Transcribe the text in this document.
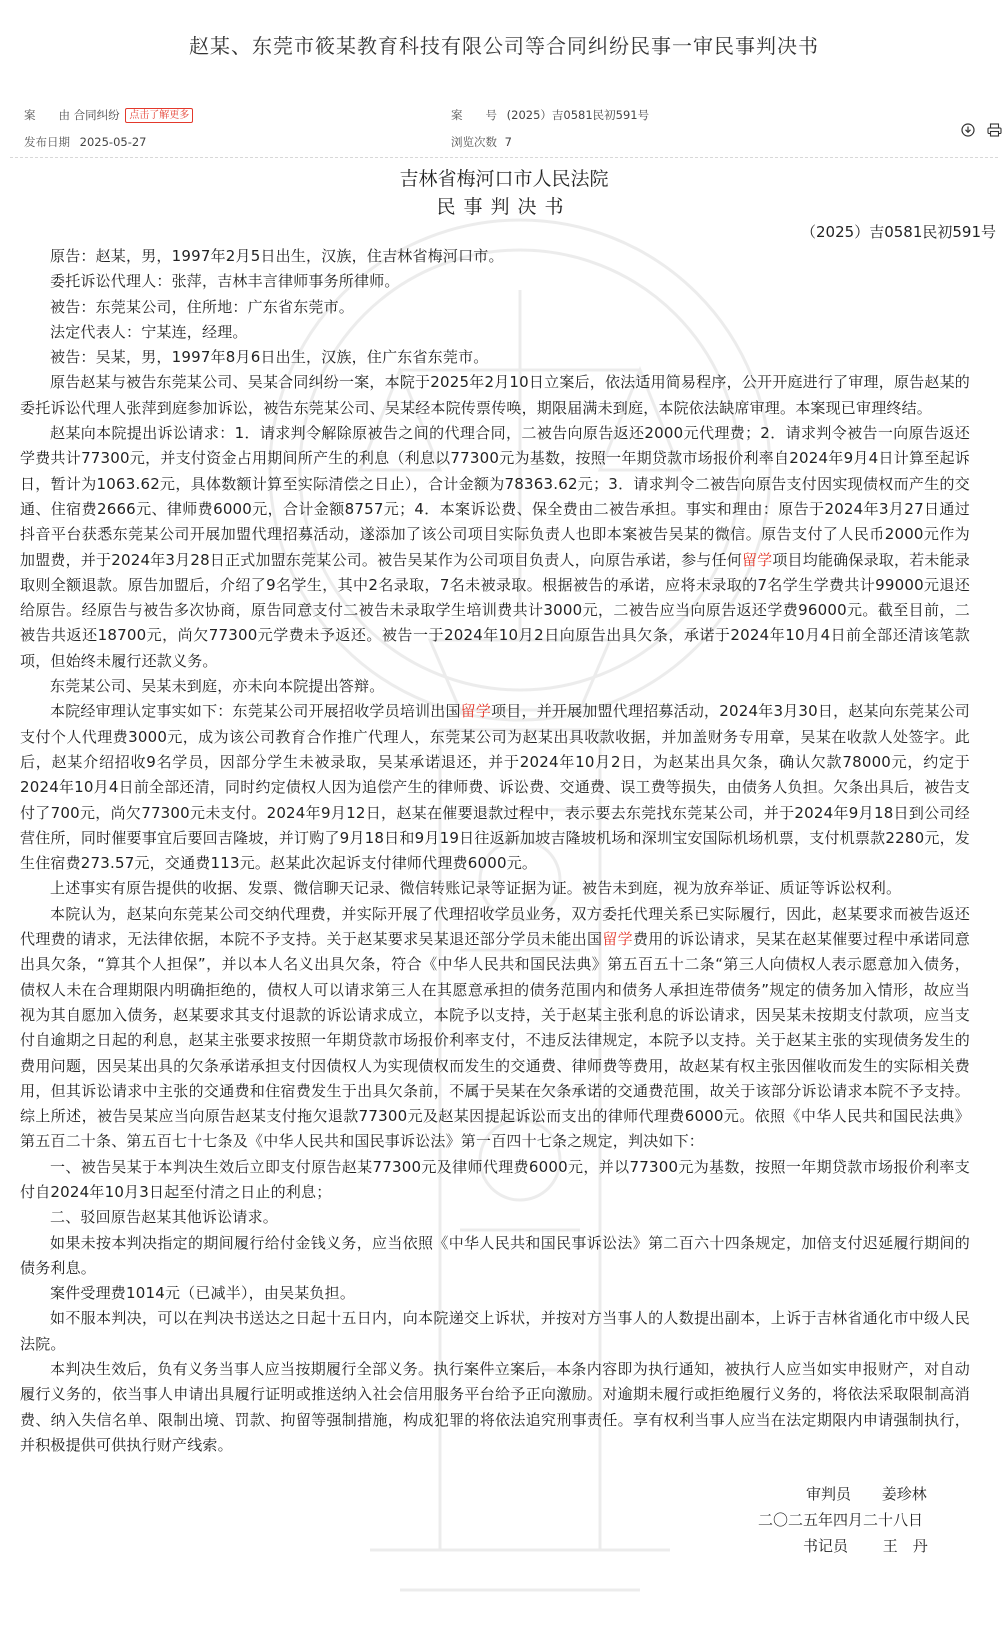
赵某、东莞市筱某教育科技有限公司等合同纠纷民事一审民事判决书
案　　由 合同纠纷 点击了解更多	案　　号 (2025）吉0581民初591号
发布日期 2025-05-27	浏览次数 7

吉林省梅河口市人民法院
民事判决书
（2025）吉0581民初591号

原告：赵某，男，1997年2月5日出生，汉族，住吉林省梅河口市。

委托诉讼代理人：张萍，吉林丰言律师事务所律师。

被告：东莞某公司，住所地：广东省东莞市。

法定代表人：宁某连，经理。

被告：吴某，男，1997年8月6日出生，汉族，住广东省东莞市。

原告赵某与被告东莞某公司、吴某合同纠纷一案，本院于2025年2月10日立案后，依法适用简易程序，公开开庭进行了审理，原告赵某的委托诉讼代理人张萍到庭参加诉讼，被告东莞某公司、吴某经本院传票传唤，期限届满未到庭，本院依法缺席审理。本案现已审理终结。

赵某向本院提出诉讼请求：1．请求判令解除原被告之间的代理合同，二被告向原告返还2000元代理费；2．请求判令被告一向原告返还学费共计77300元，并支付资金占用期间所产生的利息（利息以77300元为基数，按照一年期贷款市场报价利率自2024年9月4日计算至起诉日，暂计为1063.62元，具体数额计算至实际清偿之日止），合计金额为78363.62元；3．请求判令二被告向原告支付因实现债权而产生的交通、住宿费2666元、律师费6000元，合计金额8757元；4．本案诉讼费、保全费由二被告承担。事实和理由：原告于2024年3月27日通过抖音平台获悉东莞某公司开展加盟代理招募活动，遂添加了该公司项目实际负责人也即本案被告吴某的微信。原告支付了人民币2000元作为加盟费，并于2024年3月28日正式加盟东莞某公司。被告吴某作为公司项目负责人，向原告承诺，参与任何留学项目均能确保录取，若未能录取则全额退款。原告加盟后，介绍了9名学生，其中2名录取，7名未被录取。根据被告的承诺，应将未录取的7名学生学费共计99000元退还给原告。经原告与被告多次协商，原告同意支付二被告未录取学生培训费共计3000元，二被告应当向原告返还学费96000元。截至目前，二被告共返还18700元，尚欠77300元学费未予返还。被告一于2024年10月2日向原告出具欠条，承诺于2024年10月4日前全部还清该笔款项，但始终未履行还款义务。

东莞某公司、吴某未到庭，亦未向本院提出答辩。

本院经审理认定事实如下：东莞某公司开展招收学员培训出国留学项目，并开展加盟代理招募活动，2024年3月30日，赵某向东莞某公司支付个人代理费3000元，成为该公司教育合作推广代理人，东莞某公司为赵某出具收款收据，并加盖财务专用章，吴某在收款人处签字。此后，赵某介绍招收9名学员，因部分学生未被录取，吴某承诺退还，并于2024年10月2日，为赵某出具欠条，确认欠款78000元，约定于2024年10月4日前全部还清，同时约定债权人因为追偿产生的律师费、诉讼费、交通费、误工费等损失，由债务人负担。欠条出具后，被告支付了700元，尚欠77300元未支付。2024年9月12日，赵某在催要退款过程中，表示要去东莞找东莞某公司，并于2024年9月18日到公司经营住所，同时催要事宜后要回吉隆坡，并订购了9月18日和9月19日往返新加坡吉隆坡机场和深圳宝安国际机场机票，支付机票款2280元，发生住宿费273.57元，交通费113元。赵某此次起诉支付律师代理费6000元。

上述事实有原告提供的收据、发票、微信聊天记录、微信转账记录等证据为证。被告未到庭，视为放弃举证、质证等诉讼权利。

本院认为，赵某向东莞某公司交纳代理费，并实际开展了代理招收学员业务，双方委托代理关系已实际履行，因此，赵某要求而被告返还代理费的请求，无法律依据，本院不予支持。关于赵某要求吴某退还部分学员未能出国留学费用的诉讼请求，吴某在赵某催要过程中承诺同意出具欠条，“算其个人担保”，并以本人名义出具欠条，符合《中华人民共和国民法典》第五百五十二条“第三人向债权人表示愿意加入债务，债权人未在合理期限内明确拒绝的，债权人可以请求第三人在其愿意承担的债务范围内和债务人承担连带债务”规定的债务加入情形，故应当视为其自愿加入债务，赵某要求其支付退款的诉讼请求成立，本院予以支持，关于赵某主张利息的诉讼请求，因吴某未按期支付款项，应当支付自逾期之日起的利息，赵某主张要求按照一年期贷款市场报价利率支付，不违反法律规定，本院予以支持。关于赵某主张的实现债务发生的费用问题，因吴某出具的欠条承诺承担支付因债权人为实现债权而发生的交通费、律师费等费用，故赵某有权主张因催收而发生的实际相关费用，但其诉讼请求中主张的交通费和住宿费发生于出具欠条前，不属于吴某在欠条承诺的交通费范围，故关于该部分诉讼请求本院不予支持。综上所述，被告吴某应当向原告赵某支付拖欠退款77300元及赵某因提起诉讼而支出的律师代理费6000元。依照《中华人民共和国民法典》第五百二十条、第五百七十七条及《中华人民共和国民事诉讼法》第一百四十七条之规定，判决如下：

一、被告吴某于本判决生效后立即支付原告赵某77300元及律师代理费6000元，并以77300元为基数，按照一年期贷款市场报价利率支付自2024年10月3日起至付清之日止的利息；

二、驳回原告赵某其他诉讼请求。

如果未按本判决指定的期间履行给付金钱义务，应当依照《中华人民共和国民事诉讼法》第二百六十四条规定，加倍支付迟延履行期间的债务利息。

案件受理费1014元（已减半），由吴某负担。

如不服本判决，可以在判决书送达之日起十五日内，向本院递交上诉状，并按对方当事人的人数提出副本，上诉于吉林省通化市中级人民法院。

本判决生效后，负有义务当事人应当按期履行全部义务。执行案件立案后，本条内容即为执行通知，被执行人应当如实申报财产，对自动履行义务的，依当事人申请出具履行证明或推送纳入社会信用服务平台给予正向激励。对逾期未履行或拒绝履行义务的，将依法采取限制高消费、纳入失信名单、限制出境、罚款、拘留等强制措施，构成犯罪的将依法追究刑事责任。享有权利当事人应当在法定期限内申请强制执行，并积极提供可供执行财产线索。

审判员 姜珍林
二〇二五年四月二十八日
书记员 王　丹
